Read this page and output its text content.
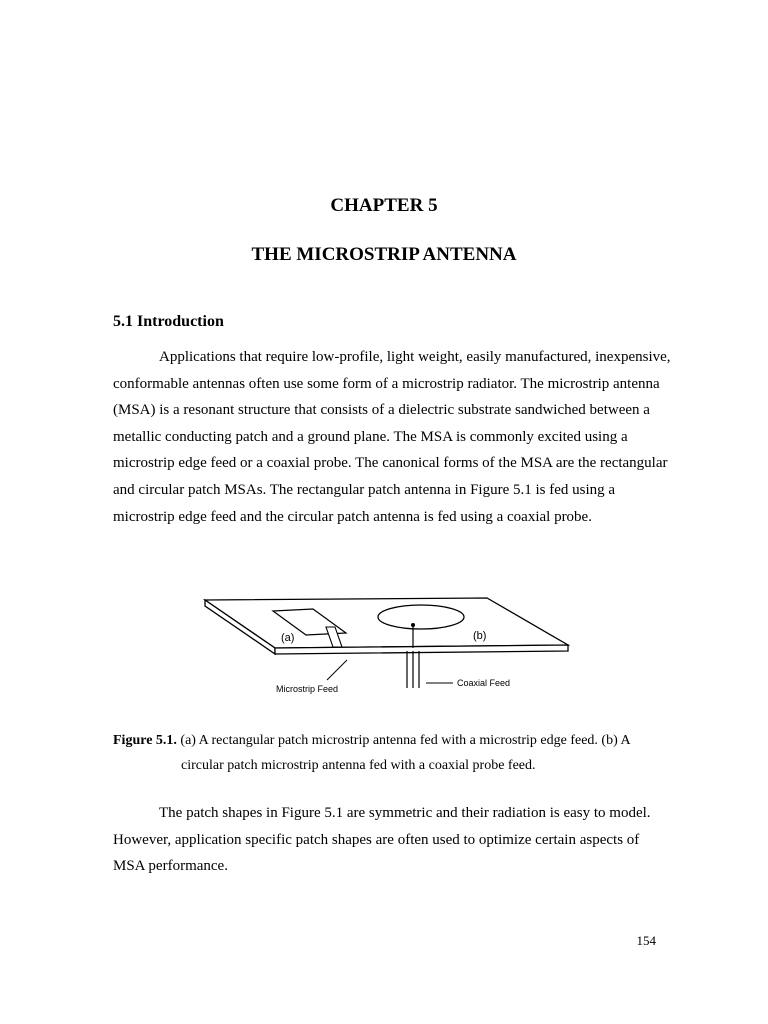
CHAPTER 5
THE MICROSTRIP ANTENNA
5.1 Introduction

Applications that require low-profile, light weight, easily manufactured, inexpensive, conformable antennas often use some form of a microstrip radiator. The microstrip antenna (MSA) is a resonant structure that consists of a dielectric substrate sandwiched between a metallic conducting patch and a ground plane. The MSA is commonly excited using a microstrip edge feed or a coaxial probe. The canonical forms of the MSA are the rectangular and circular patch MSAs. The rectangular patch antenna in Figure 5.1 is fed using a microstrip edge feed and the circular patch antenna is fed using a coaxial probe.

(a)	(b)
Microstrip Feed
Coaxial Feed
Figure 5.1. (a) A rectangular patch microstrip antenna fed with a microstrip edge feed. (b) A
circular patch microstrip antenna fed with a coaxial probe feed.

The patch shapes in Figure 5.1 are symmetric and their radiation is easy to model. However, application specific patch shapes are often used to optimize certain aspects of MSA performance.

154
